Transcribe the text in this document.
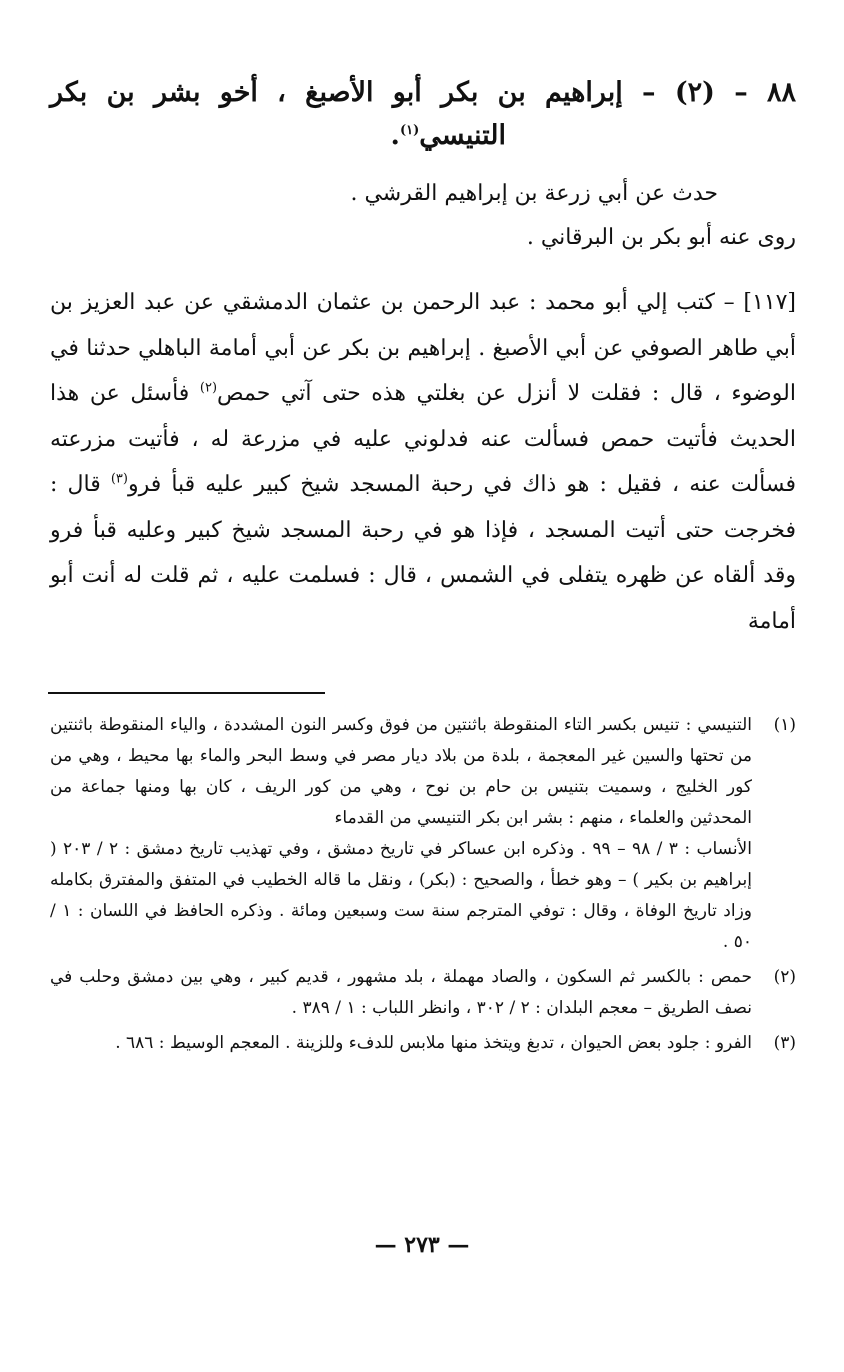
٨٨ – (٢) – إبراهيم بن بكر أبو الأصبغ ، أخو بشر بن بكر

التنيسي$^{(١)}$.

حدث عن أبي زرعة بن إبراهيم القرشي .
روى عنه أبو بكر بن البرقاني .

[١١٧] – كتب إلي أبو محمد : عبد الرحمن بن عثمان الدمشقي عن عبد العزيز بن أبي طاهر الصوفي عن أبي الأصبغ . إبراهيم بن بكر عن أبي أمامة الباهلي حدثنا في الوضوء ، قال : فقلت لا أنزل عن بغلتي هذه حتى آتي حمص$^{(٢)}$ فأسئل عن هذا الحديث فأتيت حمص فسألت عنه فدلوني عليه في مزرعة له ، فأتيت مزرعته فسألت عنه ، فقيل : هو ذاك في رحبة المسجد شيخ كبير عليه قبأ فرو$^{(٣)}$ قال : فخرجت حتى أتيت المسجد ، فإذا هو في رحبة المسجد شيخ كبير وعليه قبأ فرو وقد ألقاه عن ظهره يتفلى في الشمس ، قال : فسلمت عليه ، ثم قلت له أنت أبو أمامة

(١)
التنيسي : تنيس بكسر التاء المنقوطة باثنتين من فوق وكسر النون المشددة ، والياء المنقوطة باثنتين من تحتها والسين غير المعجمة ، بلدة من بلاد ديار مصر في وسط البحر والماء بها محيط ، وهي من كور الخليج ، وسميت بتنيس بن حام بن نوح ، وهي من كور الريف ، كان بها ومنها جماعة من المحدثين والعلماء ، منهم : بشر ابن بكر التنيسي من القدماء
الأنساب : ٣ / ٩٨ – ٩٩ . وذكره ابن عساكر في تاريخ دمشق ، وفي تهذيب تاريخ دمشق : ٢ / ٢٠٣ ( إبراهيم بن بكير ) – وهو خطأ ، والصحيح : (بكر) ، ونقل ما قاله الخطيب في المتفق والمفترق بكامله وزاد تاريخ الوفاة ، وقال : توفي المترجم سنة ست وسبعين ومائة . وذكره الحافظ في اللسان : ١ / ٥٠ .
(٢)
حمص : بالكسر ثم السكون ، والصاد مهملة ، بلد مشهور ، قديم كبير ، وهي بين دمشق وحلب في نصف الطريق – معجم البلدان : ٢ / ٣٠٢ ، وانظر اللباب : ١ / ٣٨٩ .
(٣)
الفرو : جلود بعض الحيوان ، تدبغ ويتخذ منها ملابس للدفء وللزينة . المعجم الوسيط : ٦٨٦ .
— ٢٧٣ —
